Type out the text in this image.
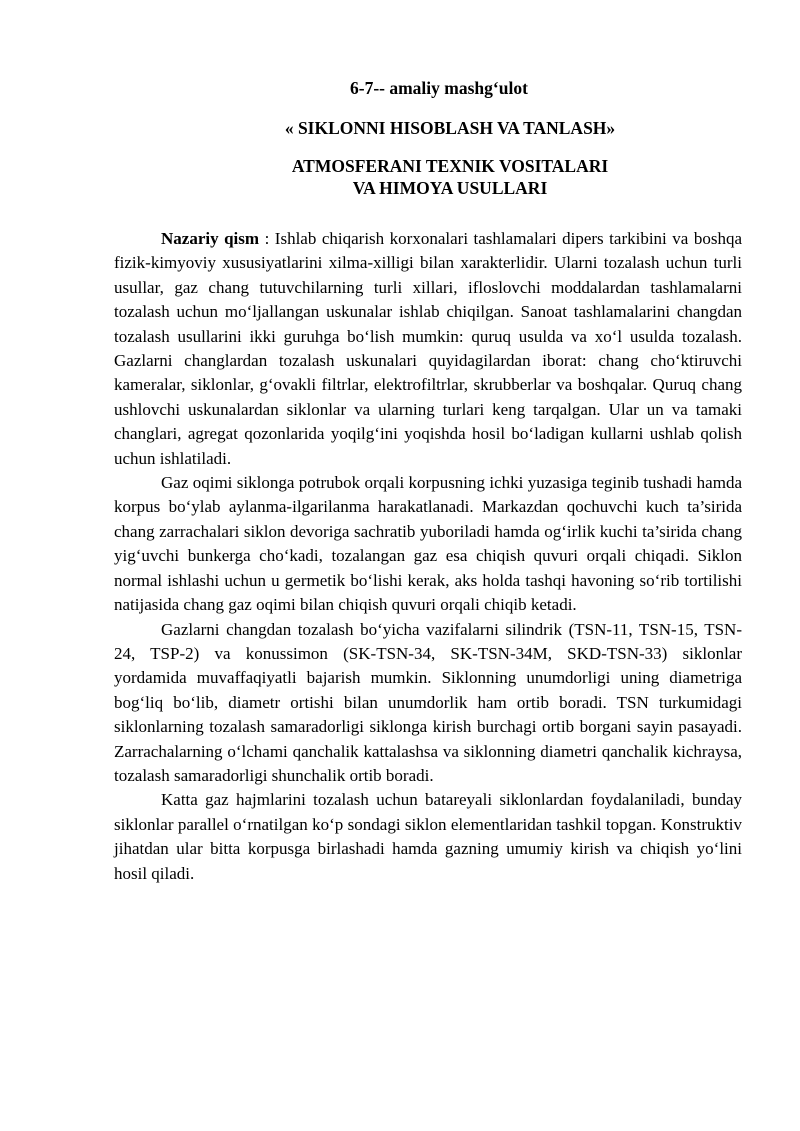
6-7-- amaliy mashg‘ulot
« SIKLONNI HISOBLASH VA TANLASH»
ATMOSFERANI TEXNIK VOSITALARI
VA HIMOYA USULLARI

Nazariy qism : Ishlab chiqarish korxonalari tashlamalari dipers tarkibini va boshqa fizik-kimyoviy xususiyatlarini xilma-xilligi bilan xarakterlidir. Ularni tozalash uchun turli usullar, gaz chang tutuvchilarning turli xillari, ifloslovchi moddalardan tashlamalarni tozalash uchun mo‘ljallangan uskunalar ishlab chiqilgan. Sanoat tashlamalarini changdan tozalash usullarini ikki guruhga bo‘lish mumkin: quruq usulda va xo‘l usulda tozalash. Gazlarni changlardan tozalash uskunalari quyidagilardan iborat: chang cho‘ktiruvchi kameralar, siklonlar, g‘ovakli filtrlar, elektrofiltrlar, skrubberlar va boshqalar. Quruq chang ushlovchi uskunalardan siklonlar va ularning turlari keng tarqalgan. Ular un va tamaki changlari, agregat qozonlarida yoqilg‘ini yoqishda hosil bo‘ladigan kullarni ushlab qolish uchun ishlatiladi.

Gaz oqimi siklonga potrubok orqali korpusning ichki yuzasiga teginib tushadi hamda korpus bo‘ylab aylanma-ilgarilanma harakatlanadi. Markazdan qochuvchi kuch ta’sirida chang zarrachalari siklon devoriga sachratib yuboriladi hamda og‘irlik kuchi ta’sirida chang yig‘uvchi bunkerga cho‘kadi, tozalangan gaz esa chiqish quvuri orqali chiqadi. Siklon normal ishlashi uchun u germetik bo‘lishi kerak, aks holda tashqi havoning so‘rib tortilishi natijasida chang gaz oqimi bilan chiqish quvuri orqali chiqib ketadi.

Gazlarni changdan tozalash bo‘yicha vazifalarni silindrik (TSN-11, TSN-15, TSN-24, TSP-2) va konussimon (SK-TSN-34, SK-TSN-34M, SKD-TSN-33) siklonlar yordamida muvaffaqiyatli bajarish mumkin. Siklonning unumdorligi uning diametriga bog‘liq bo‘lib, diametr ortishi bilan unumdorlik ham ortib boradi. TSN turkumidagi siklonlarning tozalash samaradorligi siklonga kirish burchagi ortib borgani sayin pasayadi. Zarrachalarning o‘lchami qanchalik kattalashsa va siklonning diametri qanchalik kichraysa, tozalash samaradorligi shunchalik ortib boradi.

Katta gaz hajmlarini tozalash uchun batareyali siklonlardan foydalaniladi, bunday siklonlar parallel o‘rnatilgan ko‘p sondagi siklon elementlaridan tashkil topgan. Konstruktiv jihatdan ular bitta korpusga birlashadi hamda gazning umumiy kirish va chiqish yo‘lini hosil qiladi.
